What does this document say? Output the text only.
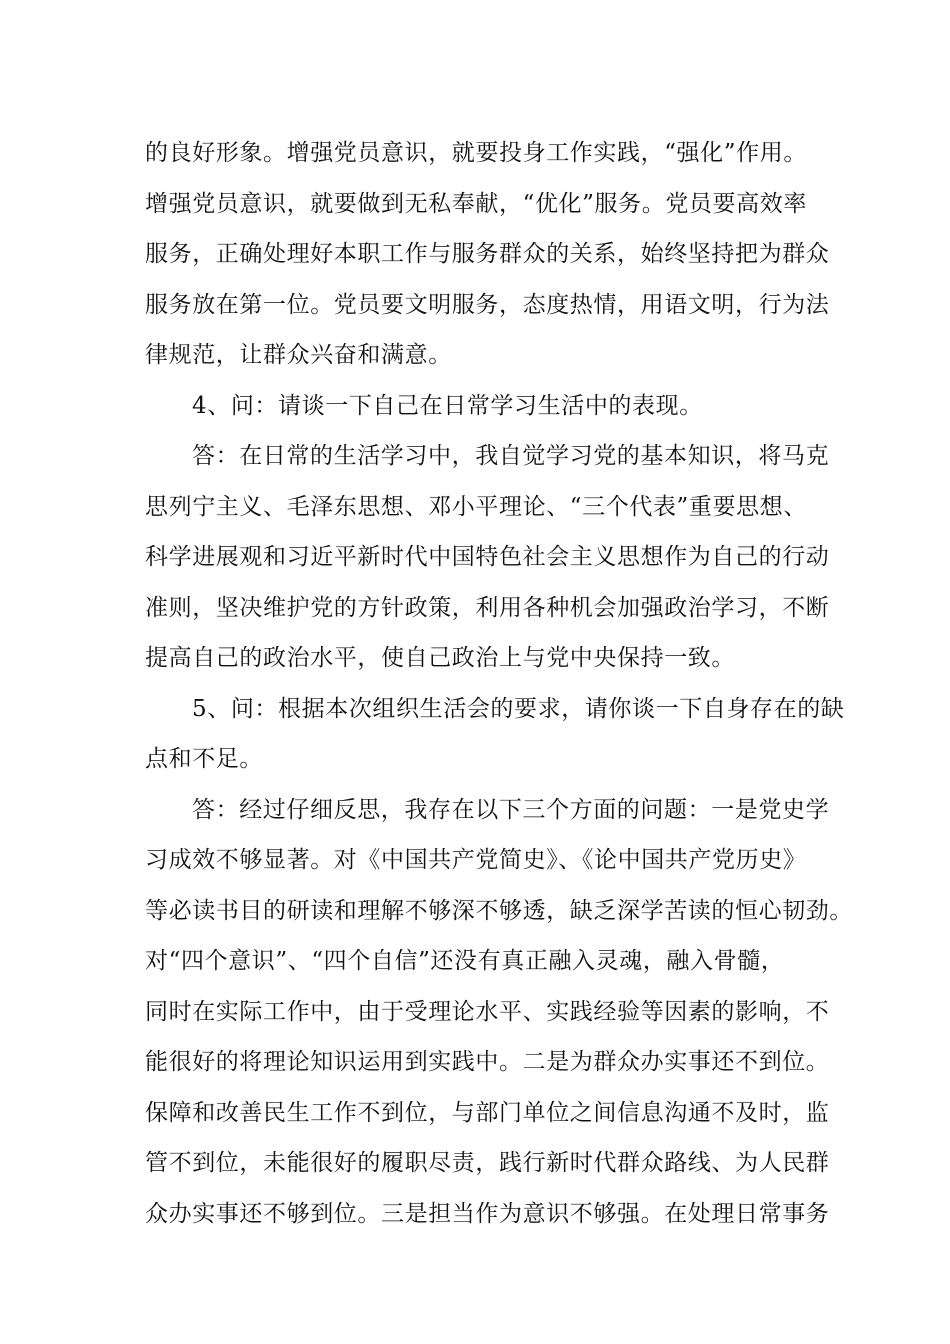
的良好形象。增强党员意识，就要投身工作实践，“强化”作用。
增强党员意识，就要做到无私奉献，“优化”服务。党员要高效率
服务，正确处理好本职工作与服务群众的关系，始终坚持把为群众
服务放在第一位。党员要文明服务，态度热情，用语文明，行为法
律规范，让群众兴奋和满意。
4、问：请谈一下自己在日常学习生活中的表现。
答：在日常的生活学习中，我自觉学习党的基本知识，将马克
思列宁主义、毛泽东思想、邓小平理论、“三个代表”重要思想、
科学进展观和习近平新时代中国特色社会主义思想作为自己的行动
准则，坚决维护党的方针政策，利用各种机会加强政治学习，不断
提高自己的政治水平，使自己政治上与党中央保持一致。
5、问：根据本次组织生活会的要求，请你谈一下自身存在的缺
点和不足。
答：经过仔细反思，我存在以下三个方面的问题：一是党史学
习成效不够显著。对《中国共产党简史》、《论中国共产党历史》
等必读书目的研读和理解不够深不够透，缺乏深学苦读的恒心韧劲。
对“四个意识”、“四个自信”还没有真正融入灵魂，融入骨髓，
同时在实际工作中，由于受理论水平、实践经验等因素的影响，不
能很好的将理论知识运用到实践中。二是为群众办实事还不到位。
保障和改善民生工作不到位，与部门单位之间信息沟通不及时，监
管不到位，未能很好的履职尽责，践行新时代群众路线、为人民群
众办实事还不够到位。三是担当作为意识不够强。在处理日常事务
